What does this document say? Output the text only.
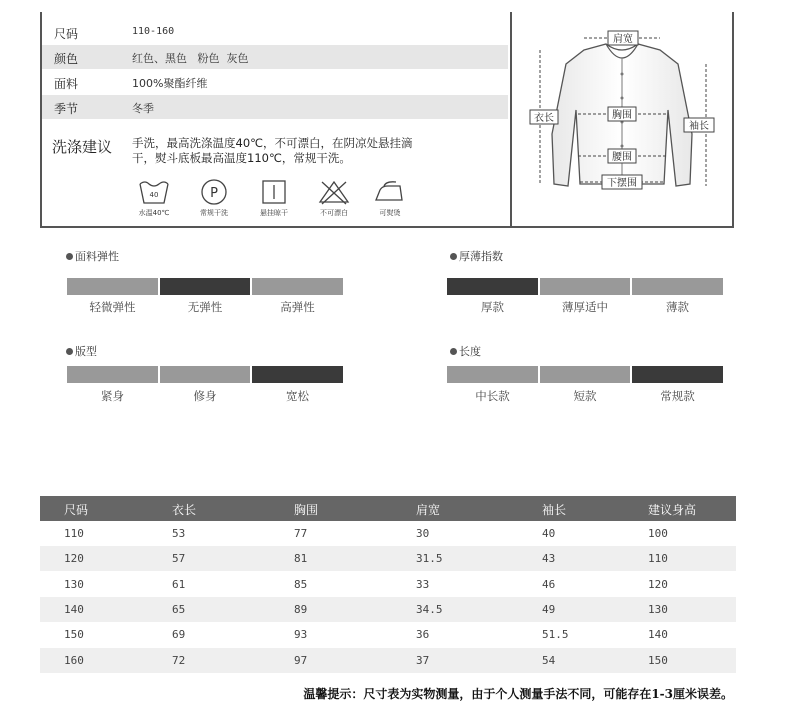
尺码	110-160
颜色	红色、黑色   粉色  灰色
面料	100%聚酯纤维
季节	冬季
洗涤建议 手洗，最高洗涤温度40℃，不可漂白，在阴凉处悬挂滴干，熨斗底板最高温度110℃，常规干洗。
40
水温40℃
P
常规干洗	悬挂晾干	不可漂白	可熨烫
肩宽
衣长
袖长
胸围
腰围
下摆围
面料弹性
轻微弹性	无弹性	高弹性
厚薄指数
厚款	薄厚适中	薄款
版型
紧身	修身	宽松
长度
中长款	短款	常规款
尺码	衣长	胸围	肩宽	袖长	建议身高
110	53	77	30	40	100
120	57	81	31.5	43	110
130	61	85	33	46	120
140	65	89	34.5	49	130
150	69	93	36	51.5	140
160	72	97	37	54	150
温馨提示：尺寸表为实物测量，由于个人测量手法不同，可能存在1-3厘米误差。
